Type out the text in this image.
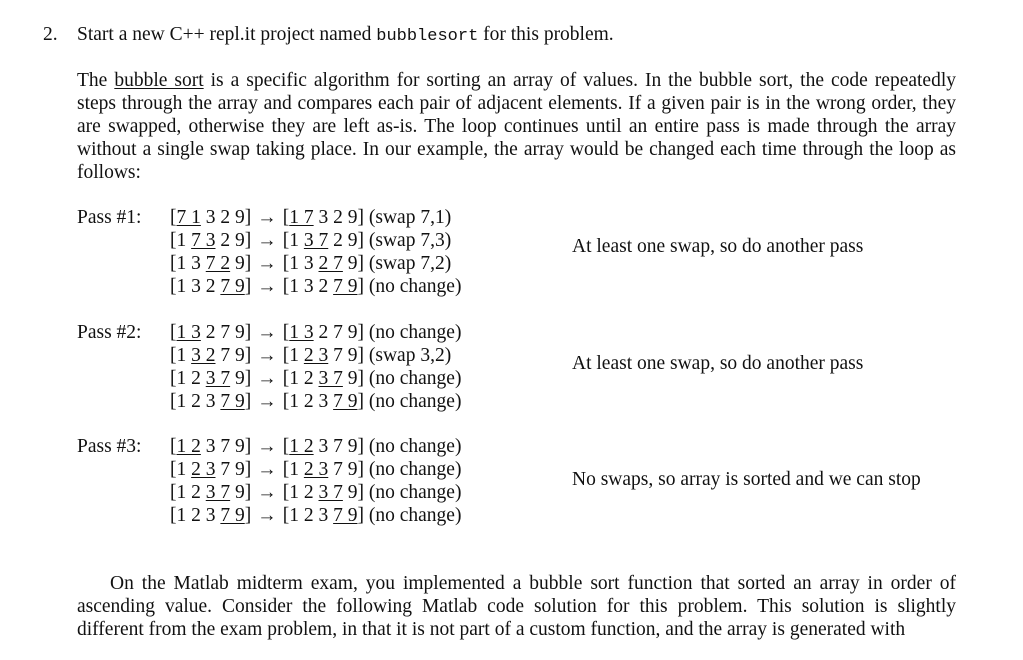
2. Start a new C++ repl.it project named bubblesort for this problem.
The bubble sort is a specific algorithm for sorting an array of values. In the bubble sort, the code repeatedly steps through the array and compares each pair of adjacent elements. If a given pair is in the wrong order, they are swapped, otherwise they are left as-is. The loop continues until an entire pass is made through the array without a single swap taking place. In our example, the array would be changed each time through the loop as follows:
Pass #1: [7 1 3 2 9] → [1 7 3 2 9] (swap 7,1)
[1 7 3 2 9] → [1 3 7 2 9] (swap 7,3)
[1 3 7 2 9] → [1 3 2 7 9] (swap 7,2)
[1 3 2 7 9] → [1 3 2 7 9] (no change)
At least one swap, so do another pass
Pass #2: [1 3 2 7 9] → [1 3 2 7 9] (no change)
[1 3 2 7 9] → [1 2 3 7 9] (swap 3,2)
[1 2 3 7 9] → [1 2 3 7 9] (no change)
[1 2 3 7 9] → [1 2 3 7 9] (no change)
At least one swap, so do another pass
Pass #3: [1 2 3 7 9] → [1 2 3 7 9] (no change)
[1 2 3 7 9] → [1 2 3 7 9] (no change)
[1 2 3 7 9] → [1 2 3 7 9] (no change)
[1 2 3 7 9] → [1 2 3 7 9] (no change)
No swaps, so array is sorted and we can stop
On the Matlab midterm exam, you implemented a bubble sort function that sorted an array in order of ascending value. Consider the following Matlab code solution for this problem. This solution is slightly different from the exam problem, in that it is not part of a custom function, and the array is generated with
